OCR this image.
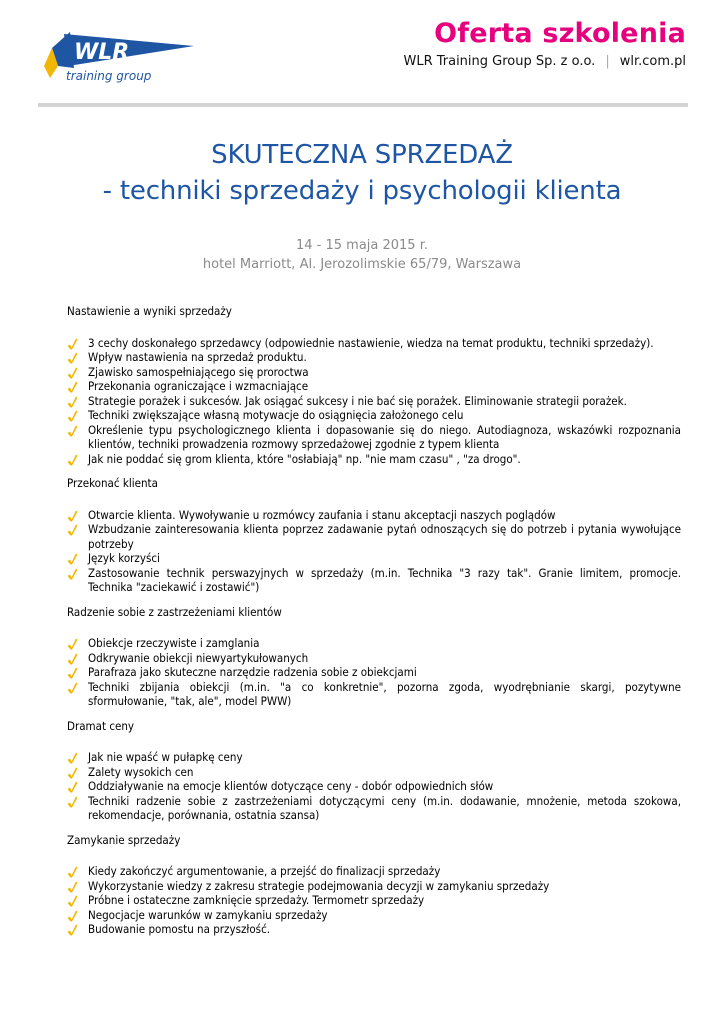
WLR
training group
Oferta szkolenia
WLR Training Group Sp. z o.o. | wlr.com.pl
SKUTECZNA SPRZEDAŻ
- techniki sprzedaży i psychologii klienta
14 - 15 maja 2015 r.
hotel Marriott, Al. Jerozolimskie 65/79, Warszawa
Nastawienie a wyniki sprzedaży
3 cechy doskonałego sprzedawcy (odpowiednie nastawienie, wiedza na temat produktu, techniki sprzedaży).
Wpływ nastawienia na sprzedaż produktu.
Zjawisko samospełniającego się proroctwa
Przekonania ograniczające i wzmacniające
Strategie porażek i sukcesów. Jak osiągać sukcesy i nie bać się porażek. Eliminowanie strategii porażek.
Techniki zwiększające własną motywacje do osiągnięcia założonego celu
Określenie typu psychologicznego klienta i dopasowanie się do niego. Autodiagnoza, wskazówki rozpoznania klientów, techniki prowadzenia rozmowy sprzedażowej zgodnie z typem klienta
Jak nie poddać się grom klienta, które "osłabiają" np. "nie mam czasu" , "za drogo".
Przekonać klienta
Otwarcie klienta. Wywoływanie u rozmówcy zaufania i stanu akceptacji naszych poglądów
Wzbudzanie zainteresowania klienta poprzez zadawanie pytań odnoszących się do potrzeb i pytania wywołujące potrzeby
Język korzyści
Zastosowanie technik perswazyjnych w sprzedaży (m.in. Technika "3 razy tak". Granie limitem, promocje. Technika "zaciekawić i zostawić")
Radzenie sobie z zastrzeżeniami klientów
Obiekcje rzeczywiste i zamglania
Odkrywanie obiekcji niewyartykułowanych
Parafraza jako skuteczne narzędzie radzenia sobie z obiekcjami
Techniki zbijania obiekcji (m.in. "a co konkretnie", pozorna zgoda, wyodrębnianie skargi, pozytywne sformułowanie, "tak, ale", model PWW)
Dramat ceny
Jak nie wpaść w pułapkę ceny
Zalety wysokich cen
Oddziaływanie na emocje klientów dotyczące ceny - dobór odpowiednich słów
Techniki radzenie sobie z zastrzeżeniami dotyczącymi ceny (m.in. dodawanie, mnożenie, metoda szokowa, rekomendacje, porównania, ostatnia szansa)
Zamykanie sprzedaży
Kiedy zakończyć argumentowanie, a przejść do finalizacji sprzedaży
Wykorzystanie wiedzy z zakresu strategie podejmowania decyzji w zamykaniu sprzedaży
Próbne i ostateczne zamknięcie sprzedaży. Termometr sprzedaży
Negocjacje warunków w zamykaniu sprzedaży
Budowanie pomostu na przyszłość.
